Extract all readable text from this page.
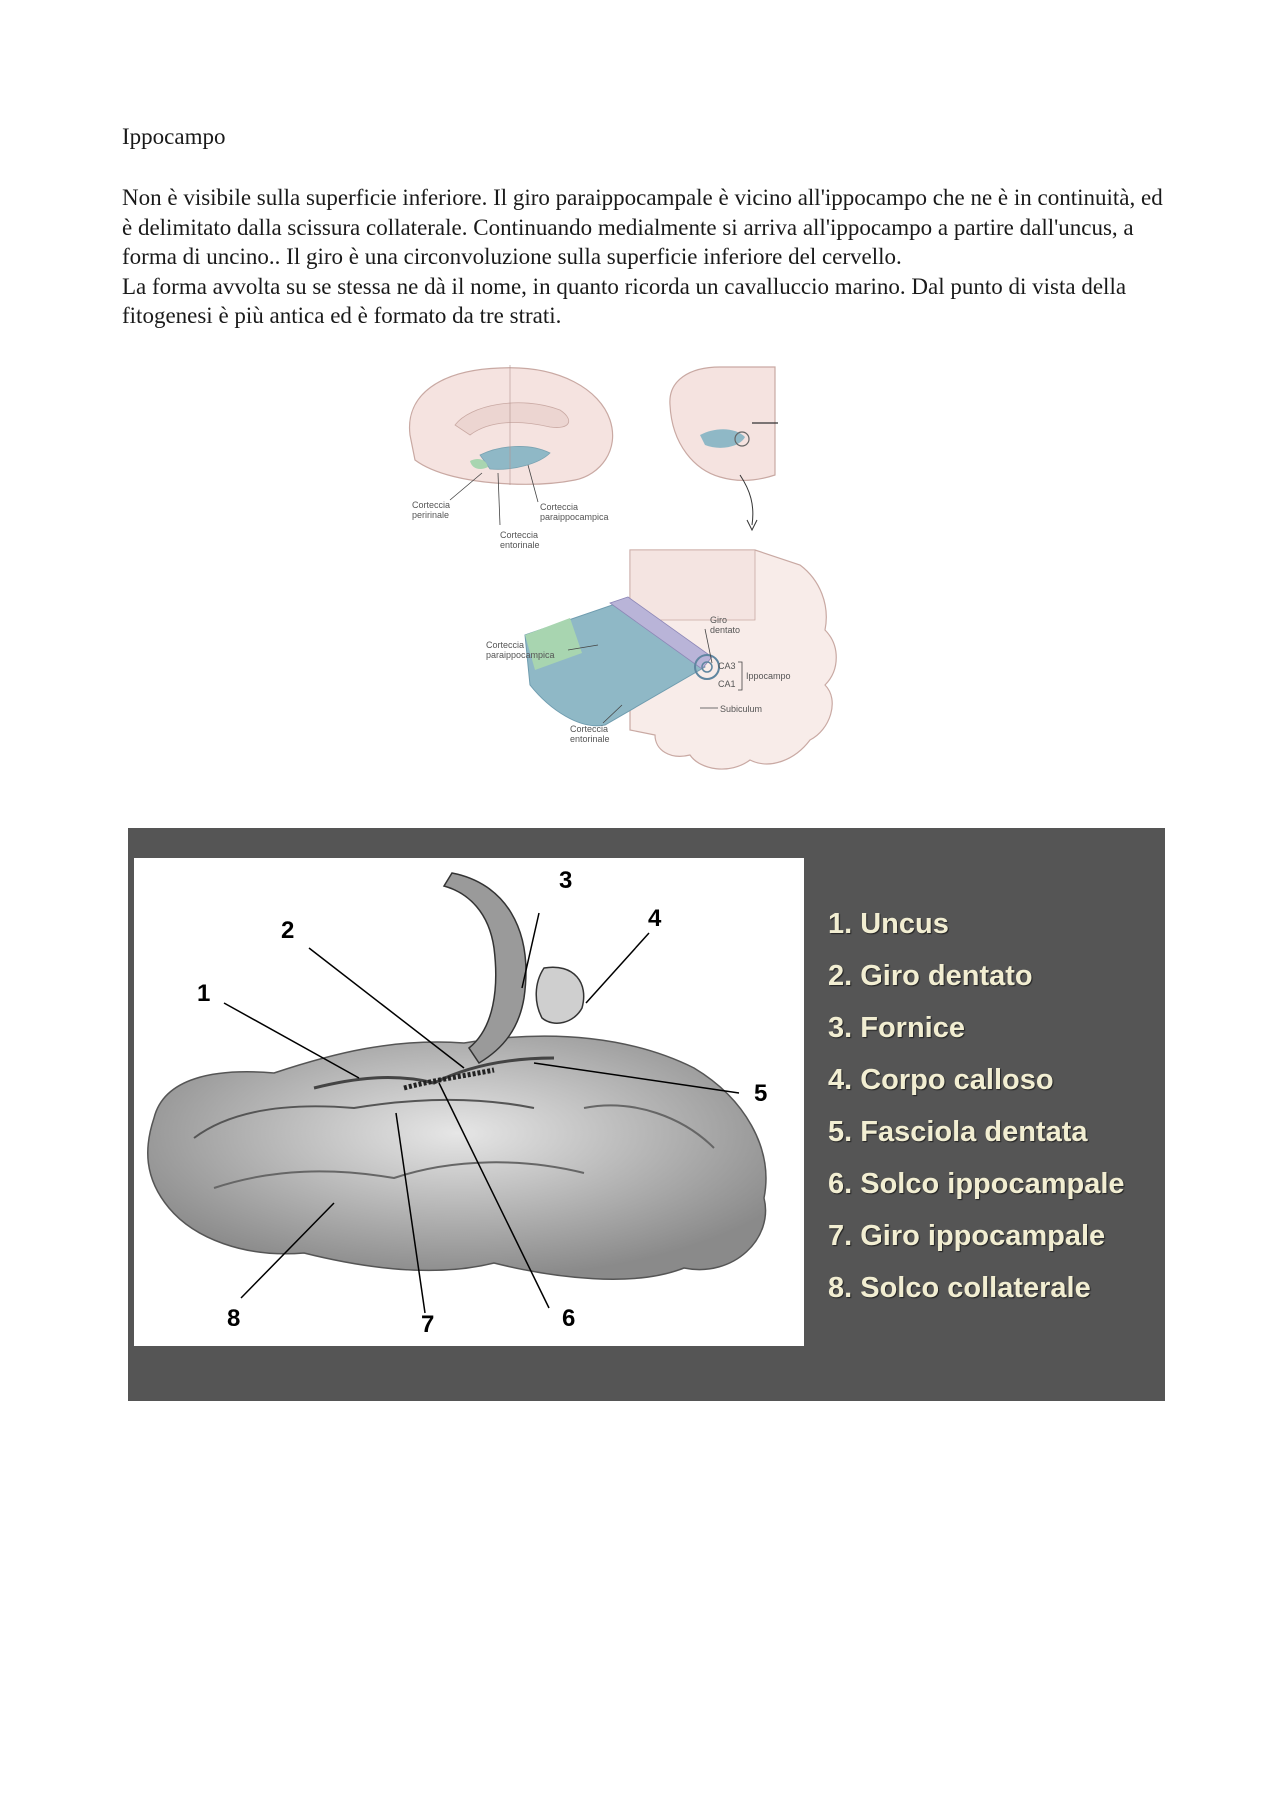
Ippocampo

Non è visibile sulla superficie inferiore. Il giro paraippocampale è vicino all'ippocampo che ne è in continuità, ed è delimitato dalla scissura collaterale. Continuando medialmente si arriva all'ippocampo a partire dall'uncus, a forma di uncino.. Il giro è una circonvoluzione sulla superficie inferiore del cervello.

La forma avvolta su se stessa ne dà il nome, in quanto ricorda un cavalluccio marino. Dal punto di vista della fitogenesi è più antica ed è formato da tre strati.

Corteccia
peririnale
Corteccia
paraippocampica
Corteccia
entorinale
Corteccia
paraippocampica
Giro
dentato
CA3
CA1
Ippocampo
Subiculum
Corteccia
entorinale
1
2
3
4
5
6
7
8
1. Uncus
2. Giro dentato
3. Fornice
4. Corpo calloso
5. Fasciola dentata
6. Solco ippocampale
7. Giro ippocampale
8. Solco collaterale
